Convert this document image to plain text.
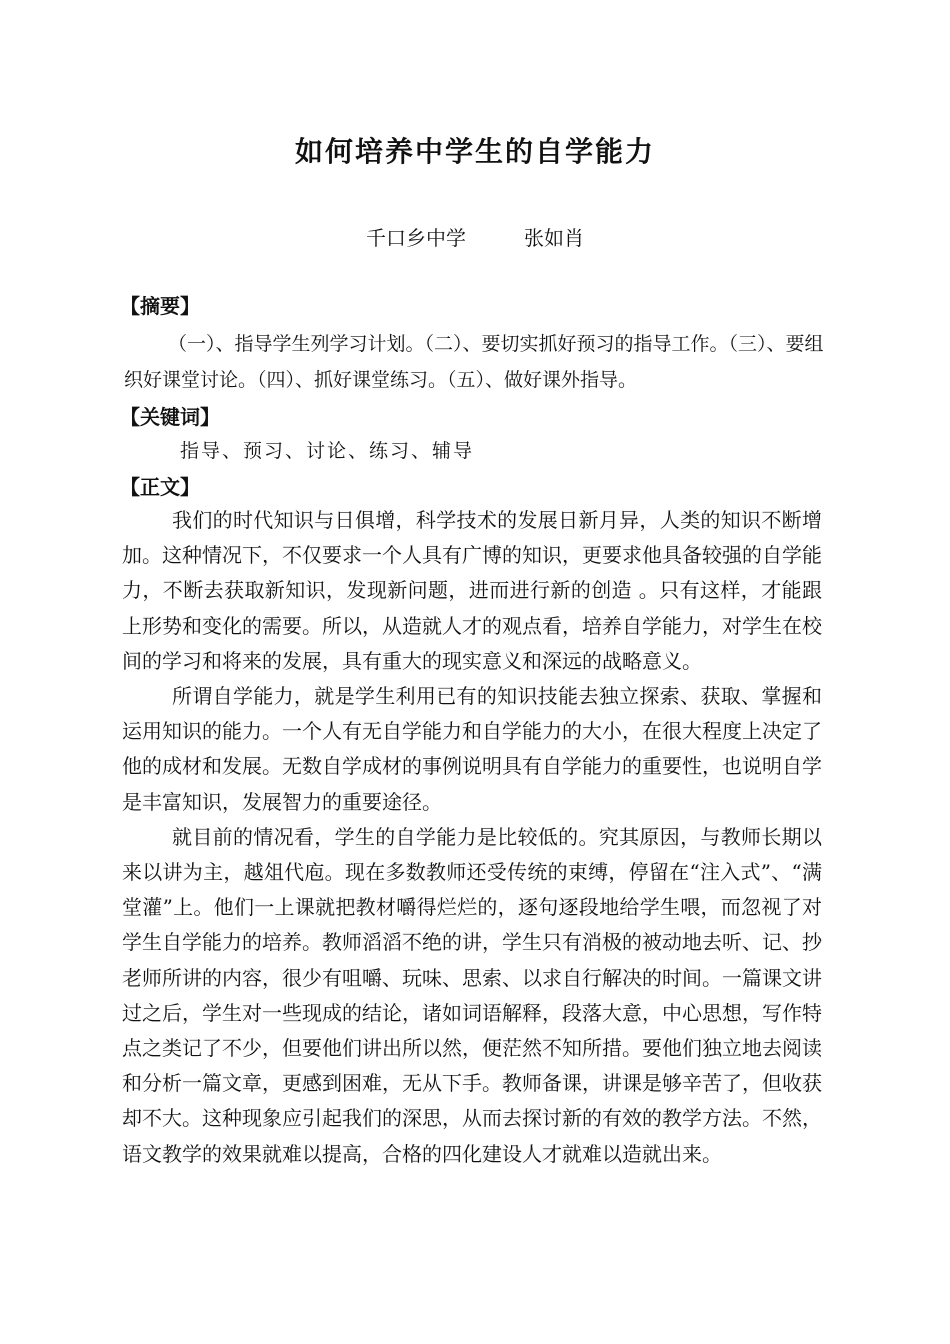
如何培养中学生的自学能力
千口乡中学	张如肖
【摘要】
（一）、指导学生列学习计划。（二）、要切实抓好预习的指导工作。（三）、要组织好课堂讨论。（四）、抓好课堂练习。（五）、做好课外指导。
【关键词】
指导、预习、讨论、练习、辅导
【正文】

我们的时代知识与日俱增，科学技术的发展日新月异，人类的知识不断增加。这种情况下，不仅要求一个人具有广博的知识，更要求他具备较强的自学能力，不断去获取新知识，发现新问题，进而进行新的创造 。只有这样，才能跟上形势和变化的需要。所以，从造就人才的观点看，培养自学能力，对学生在校间的学习和将来的发展，具有重大的现实意义和深远的战略意义。

所谓自学能力，就是学生利用已有的知识技能去独立探索、获取、掌握和运用知识的能力。一个人有无自学能力和自学能力的大小，在很大程度上决定了他的成材和发展。无数自学成材的事例说明具有自学能力的重要性，也说明自学是丰富知识，发展智力的重要途径。

就目前的情况看，学生的自学能力是比较低的。究其原因，与教师长期以来以讲为主，越俎代庖。现在多数教师还受传统的束缚，停留在“注入式”、“满堂灌”上。他们一上课就把教材嚼得烂烂的，逐句逐段地给学生喂，而忽视了对学生自学能力的培养。教师滔滔不绝的讲，学生只有消极的被动地去听、记、抄老师所讲的内容，很少有咀嚼、玩味、思索、以求自行解决的时间。一篇课文讲过之后，学生对一些现成的结论，诸如词语解释，段落大意，中心思想，写作特点之类记了不少，但要他们讲出所以然，便茫然不知所措。要他们独立地去阅读和分析一篇文章，更感到困难，无从下手。教师备课，讲课是够辛苦了，但收获却不大。这种现象应引起我们的深思，从而去探讨新的有效的教学方法。不然，语文教学的效果就难以提高，合格的四化建设人才就难以造就出来。
